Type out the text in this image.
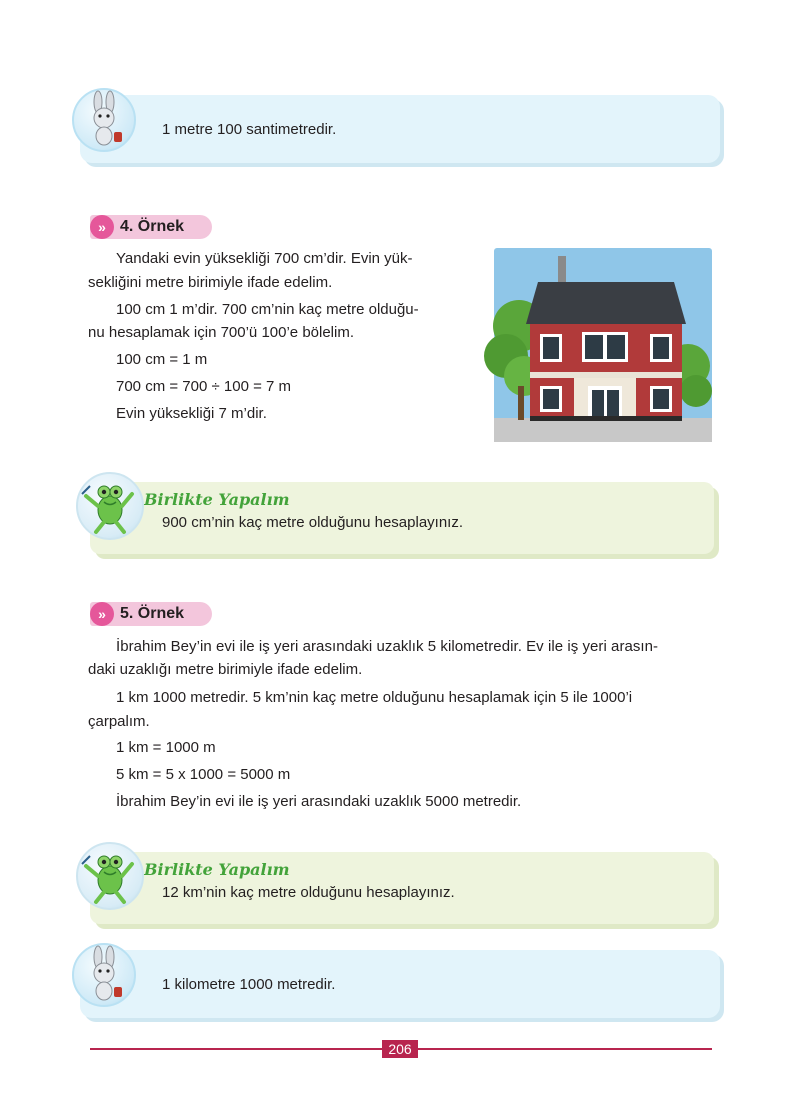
1 metre 100 santimetredir.
» 4. Örnek
Yandaki evin yüksekliği 700 cm’dir. Evin yük-
sekliğini metre birimiyle ifade edelim.
100 cm 1 m’dir. 700 cm’nin kaç metre olduğu-
nu hesaplamak için 700’ü 100’e bölelim.
100 cm = 1 m
700 cm = 700 ÷ 100 = 7 m
Evin yüksekliği 7 m’dir.
Birlikte Yapalım
900 cm’nin kaç metre olduğunu hesaplayınız.
» 5. Örnek
İbrahim Bey’in evi ile iş yeri arasındaki uzaklık 5 kilometredir. Ev ile iş yeri arasın-
daki uzaklığı metre birimiyle ifade edelim.
1 km 1000 metredir. 5 km’nin kaç metre olduğunu hesaplamak için 5 ile 1000’i
çarpalım.
1 km = 1000 m
5 km = 5 x 1000 = 5000 m
İbrahim Bey’in evi ile iş yeri arasındaki uzaklık 5000 metredir.
Birlikte Yapalım
12 km’nin kaç metre olduğunu hesaplayınız.
1 kilometre 1000 metredir.
206
